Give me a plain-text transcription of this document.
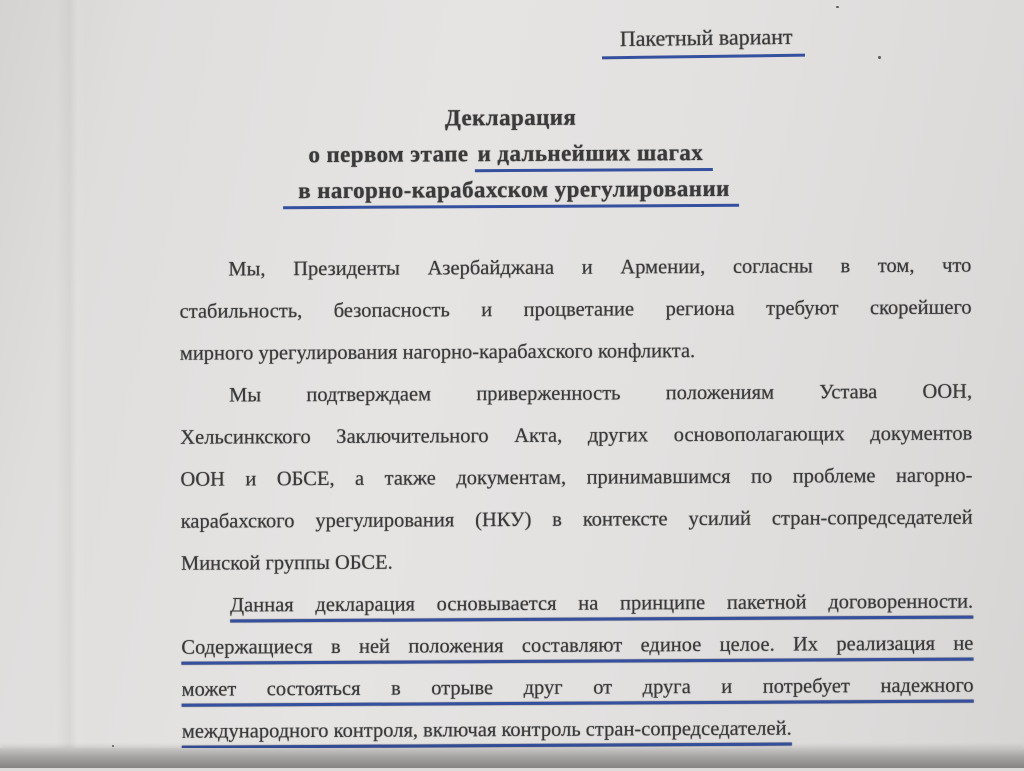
Пакетный вариант
Декларация
о первом этапе и дальнейших шагах
в нагорно-карабахском урегулировании
Мы, Президенты Азербайджана и Армении, согласны в том, что
стабильность, безопасность и процветание региона требуют скорейшего
мирного урегулирования нагорно-карабахского конфликта.
Мы подтверждаем приверженность положениям Устава ООН,
Хельсинкского Заключительного Акта, других основополагающих документов
ООН и ОБСЕ, а также документам, принимавшимся по проблеме нагорно-
карабахского урегулирования (НКУ) в контексте усилий стран-сопредседателей
Минской группы ОБСЕ.
Данная декларация основывается на принципе пакетной договоренности.
Содержащиеся в ней положения составляют единое целое. Их реализация не
может состояться в отрыве друг от друга и потребует надежного
международного контроля, включая контроль стран-сопредседателей.
